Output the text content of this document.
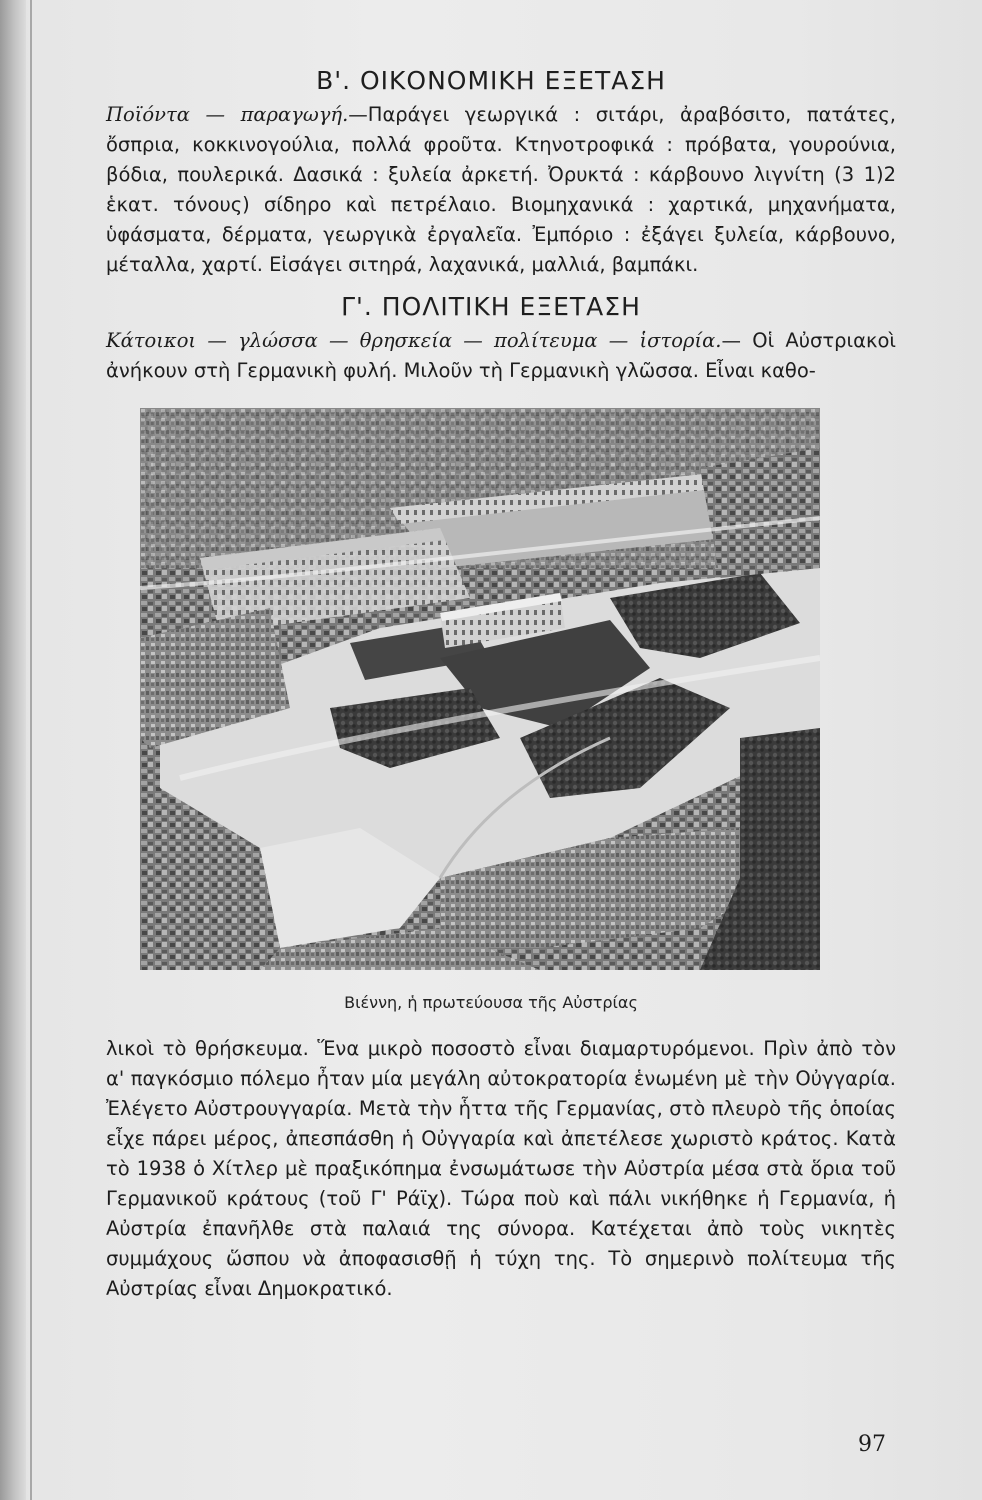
Β'. ΟΙΚΟΝΟΜΙΚΗ ΕΞΕΤΑΣΗ
Ποϊόντα — παραγωγή.—Παράγει γεωργικά : σιτάρι, ἀραβόσιτο, πατάτες, ὄσπρια, κοκκινογούλια, πολλά φροῦτα. Κτηνοτροφικά : πρόβατα, γουρούνια, βόδια, πουλερικά. Δασικά : ξυλεία ἀρκετή. Ὀρυκτά : κάρβουνο λιγνίτη (3 1)2 ἑκατ. τόνους) σίδηρο καὶ πετρέλαιο. Βιομηχανικά : χαρτικά, μηχανήματα, ὑφάσματα, δέρματα, γεωργικὰ ἐργαλεῖα. Ἐμπόριο : ἐξάγει ξυλεία, κάρβουνο, μέταλλα, χαρτί. Εἰσάγει σιτηρά, λαχανικά, μαλλιά, βαμπάκι.
Γ'. ΠΟΛΙΤΙΚΗ ΕΞΕΤΑΣΗ
Κάτοικοι — γλώσσα — θρησκεία — πολίτευμα — ἱστορία.— Οἱ Αὐστριακοὶ ἀνήκουν στὴ Γερμανικὴ φυλή. Μιλοῦν τὴ Γερμανικὴ γλῶσσα. Εἶναι καθο-
Βιέννη, ἡ πρωτεύουσα τῆς Αὐστρίας
λικοὶ τὸ θρήσκευμα. Ἕνα μικρὸ ποσοστὸ εἶναι διαμαρτυρόμενοι. Πρὶν ἀπὸ τὸν α' παγκόσμιο πόλεμο ἦταν μία μεγάλη αὐτοκρατορία ἑνωμένη μὲ τὴν Οὐγγαρία. Ἐλέγετο Αὐστρουγγαρία. Μετὰ τὴν ἧττα τῆς Γερμανίας, στὸ πλευρὸ τῆς ὁποίας εἶχε πάρει μέρος, ἀπεσπάσθη ἡ Οὐγγαρία καὶ ἀπετέλεσε χωριστὸ κράτος. Κατὰ τὸ 1938 ὁ Χίτλερ μὲ πραξικόπημα ἐνσωμάτωσε τὴν Αὐστρία μέσα στὰ ὅρια τοῦ Γερμανικοῦ κράτους (τοῦ Γ' Ράϊχ). Τώρα ποὺ καὶ πάλι νικήθηκε ἡ Γερμανία, ἡ Αὐστρία ἐπανῆλθε στὰ παλαιά της σύνορα. Κατέχεται ἀπὸ τοὺς νικητὲς συμμάχους ὥσπου νὰ ἀποφασισθῇ ἡ τύχη της. Τὸ σημερινὸ πολίτευμα τῆς Αὐστρίας εἶναι Δημοκρατικό.
97
